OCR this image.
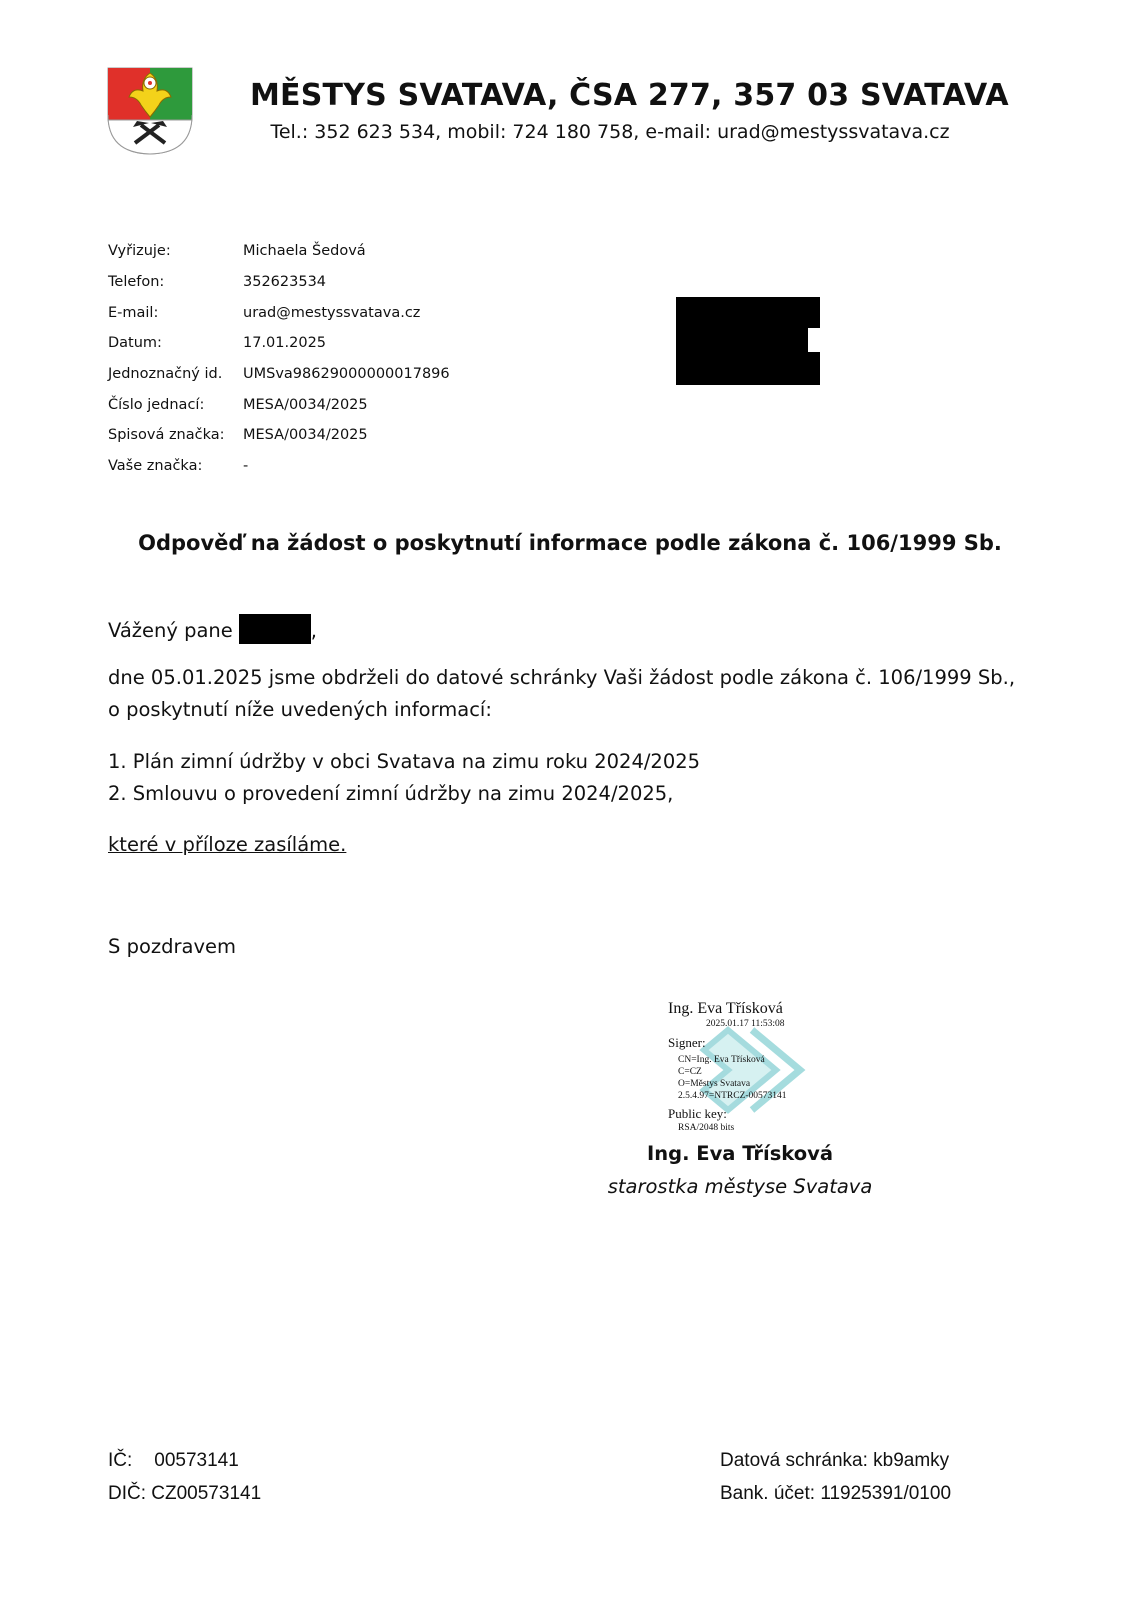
MĚSTYS SVATAVA, ČSA 277, 357 03 SVATAVA
Tel.: 352 623 534, mobil: 724 180 758, e-mail: urad@mestyssvatava.cz
Vyřizuje:	Michaela Šedová
Telefon:	352623534
E-mail:	urad@mestyssvatava.cz
Datum:	17.01.2025
Jednoznačný id.	UMSva98629000000017896
Číslo jednací:	MESA/0034/2025
Spisová značka:	MESA/0034/2025
Vaše značka:	-
Odpověď na žádost o poskytnutí informace podle zákona č. 106/1999 Sb.
Vážený pane	,
dne 05.01.2025 jsme obdrželi do datové schránky Vaši žádost podle zákona č. 106/1999 Sb.,
o poskytnutí níže uvedených informací:
1. Plán zimní údržby v obci Svatava na zimu roku 2024/2025
2. Smlouvu o provedení zimní údržby na zimu 2024/2025,
které v příloze zasíláme.
S pozdravem
Ing. Eva Třísková
2025.01.17 11:53:08
Signer:
CN=Ing. Eva Třísková
C=CZ
O=Městys Svatava
2.5.4.97=NTRCZ-00573141
Public key:
RSA/2048 bits
Ing. Eva Třísková
starostka městyse Svatava
IČ: 00573141
DIČ: CZ00573141
Datová schránka: kb9amky
Bank. účet: 11925391/0100
